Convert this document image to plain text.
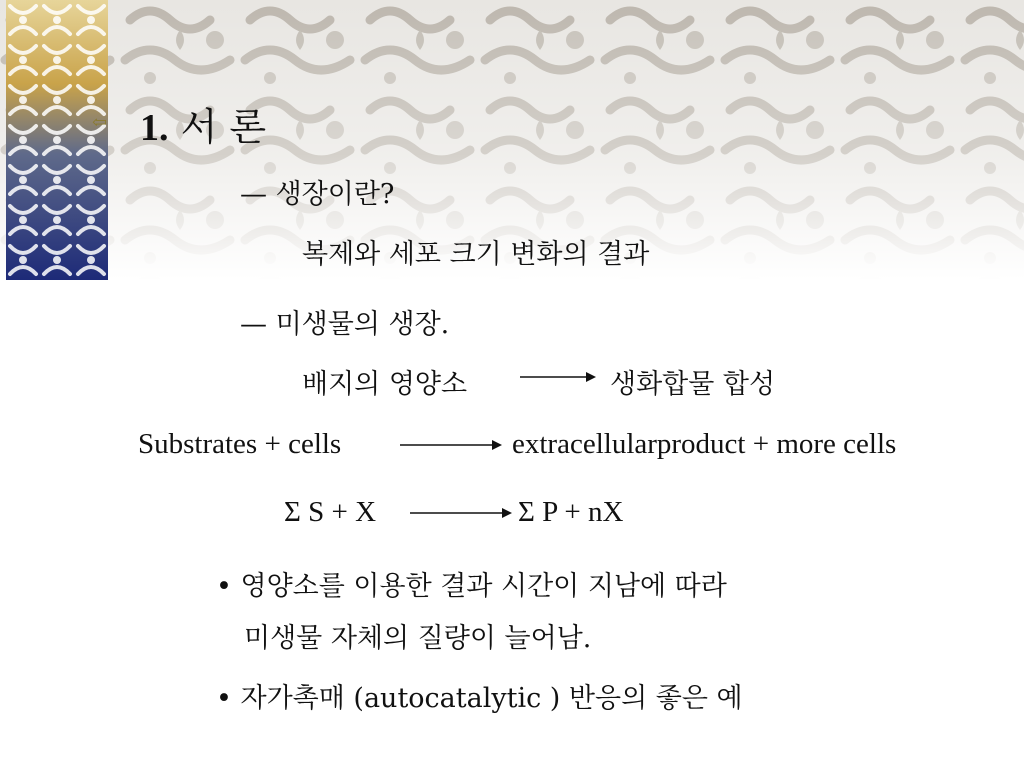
⇦ 1. 서 론
— 생장이란?
복제와 세포 크기 변화의 결과
— 미생물의 생장.
배지의 영양소	생화합물 합성
Substrates + cells	extracellularproduct + more cells
Σ S + X	Σ P + nX
• 영양소를 이용한 결과 시간이 지남에 따라
미생물 자체의 질량이 늘어남.
• 자가촉매 (autocatalytic ) 반응의 좋은 예
